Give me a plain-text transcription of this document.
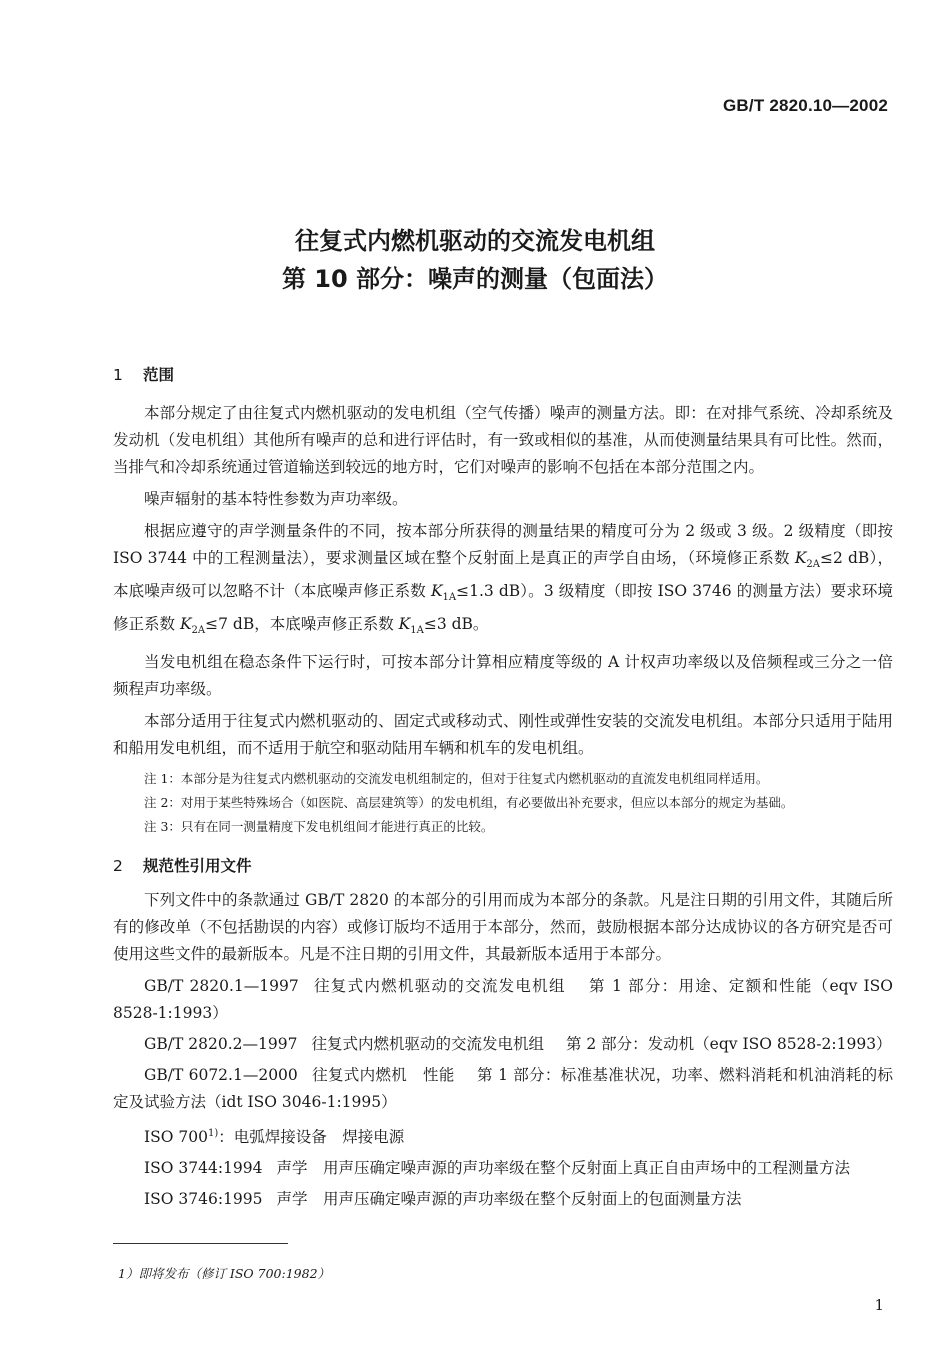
GB/T 2820.10—2002
往复式内燃机驱动的交流发电机组
第 10 部分：噪声的测量（包面法）
1 范围

本部分规定了由往复式内燃机驱动的发电机组（空气传播）噪声的测量方法。即：在对排气系统、冷却系统及发动机（发电机组）其他所有噪声的总和进行评估时，有一致或相似的基准，从而使测量结果具有可比性。然而，当排气和冷却系统通过管道输送到较远的地方时，它们对噪声的影响不包括在本部分范围之内。

噪声辐射的基本特性参数为声功率级。

根据应遵守的声学测量条件的不同，按本部分所获得的测量结果的精度可分为 2 级或 3 级。2 级精度（即按 ISO 3744 中的工程测量法），要求测量区域在整个反射面上是真正的声学自由场，（环境修正系数 $K_{2A}\le 2$ dB），本底噪声级可以忽略不计（本底噪声修正系数 $K_{1A}\le 1.3$ dB）。3 级精度（即按 ISO 3746 的测量方法）要求环境修正系数 $K_{2A}\le 7$ dB，本底噪声修正系数 $K_{1A}\le 3$ dB。

当发电机组在稳态条件下运行时，可按本部分计算相应精度等级的 A 计权声功率级以及倍频程或三分之一倍频程声功率级。

本部分适用于往复式内燃机驱动的、固定式或移动式、刚性或弹性安装的交流发电机组。本部分只适用于陆用和船用发电机组，而不适用于航空和驱动陆用车辆和机车的发电机组。

注 1：本部分是为往复式内燃机驱动的交流发电机组制定的，但对于往复式内燃机驱动的直流发电机组同样适用。

注 2：对用于某些特殊场合（如医院、高层建筑等）的发电机组，有必要做出补充要求，但应以本部分的规定为基础。

注 3：只有在同一测量精度下发电机组间才能进行真正的比较。

2 规范性引用文件

下列文件中的条款通过 GB/T 2820 的本部分的引用而成为本部分的条款。凡是注日期的引用文件，其随后所有的修改单（不包括勘误的内容）或修订版均不适用于本部分，然而，鼓励根据本部分达成协议的各方研究是否可使用这些文件的最新版本。凡是不注日期的引用文件，其最新版本适用于本部分。

GB/T 2820.1—1997 往复式内燃机驱动的交流发电机组 第 1 部分：用途、定额和性能（eqv ISO 8528-1:1993）

GB/T 2820.2—1997 往复式内燃机驱动的交流发电机组 第 2 部分：发动机（eqv ISO 8528-2:1993）

GB/T 6072.1—2000 往复式内燃机　性能 第 1 部分：标准基准状况，功率、燃料消耗和机油消耗的标定及试验方法（idt ISO 3046-1:1995）

ISO 700$^{1)}$：电弧焊接设备　焊接电源

ISO 3744:1994 声学　用声压确定噪声源的声功率级在整个反射面上真正自由声场中的工程测量方法

ISO 3746:1995 声学　用声压确定噪声源的声功率级在整个反射面上的包面测量方法

1）即将发布（修订 ISO 700:1982）
1
